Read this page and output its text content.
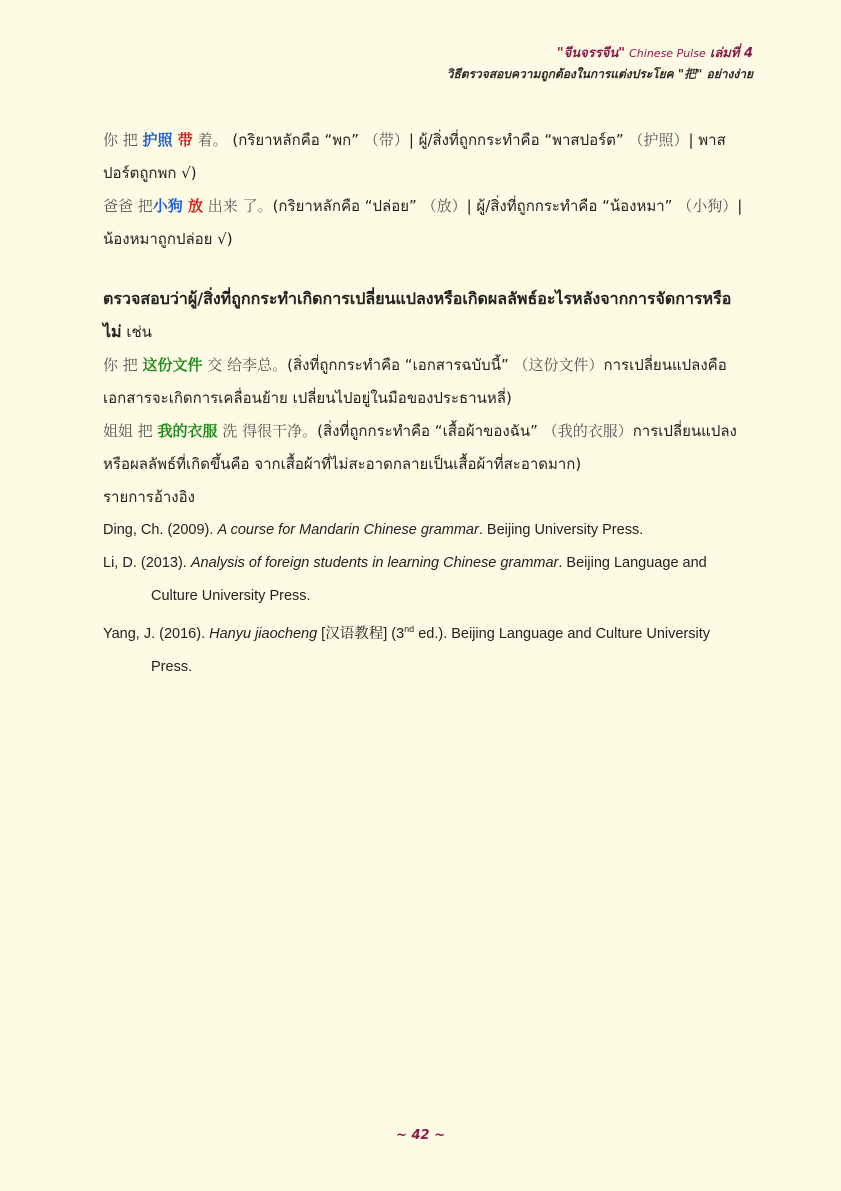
"จีนจรรจีน" Chinese Pulse เล่มที่ 4
วิธีตรวจสอบความถูกต้องในการแต่งประโยค "把" อย่างง่าย

你 把 护照 带 着。 (กริยาหลักคือ “พก” （带）| ผู้/สิ่งที่ถูกกระทำคือ “พาสปอร์ต” （护照）| พาสปอร์ตถูกพก √)

爸爸 把小狗 放 出来 了。(กริยาหลักคือ “ปล่อย” （放）| ผู้/สิ่งที่ถูกกระทำคือ “น้องหมา” （小狗）| น้องหมาถูกปล่อย √)

ตรวจสอบว่าผู้/สิ่งที่ถูกกระทำเกิดการเปลี่ยนแปลงหรือเกิดผลลัพธ์อะไรหลังจากการจัดการหรือไม่ เช่น

你 把 这份文件 交 给李总。(สิ่งที่ถูกกระทำคือ “เอกสารฉบับนี้” （这份文件）การเปลี่ยนแปลงคือ เอกสารจะเกิดการเคลื่อนย้าย เปลี่ยนไปอยู่ในมือของประธานหลี่)

姐姐 把 我的衣服 洗 得很干净。(สิ่งที่ถูกกระทำคือ “เสื้อผ้าของฉัน” （我的衣服）การเปลี่ยนแปลงหรือผลลัพธ์ที่เกิดขึ้นคือ จากเสื้อผ้าที่ไม่สะอาดกลายเป็นเสื้อผ้าที่สะอาดมาก)

รายการอ้างอิง

Ding, Ch. (2009). A course for Mandarin Chinese grammar. Beijing University Press.

Li, D. (2013). Analysis of foreign students in learning Chinese grammar. Beijing Language and Culture University Press.

Yang, J. (2016). Hanyu jiaocheng [汉语教程] (3nd ed.). Beijing Language and Culture University Press.

~ 42 ~
